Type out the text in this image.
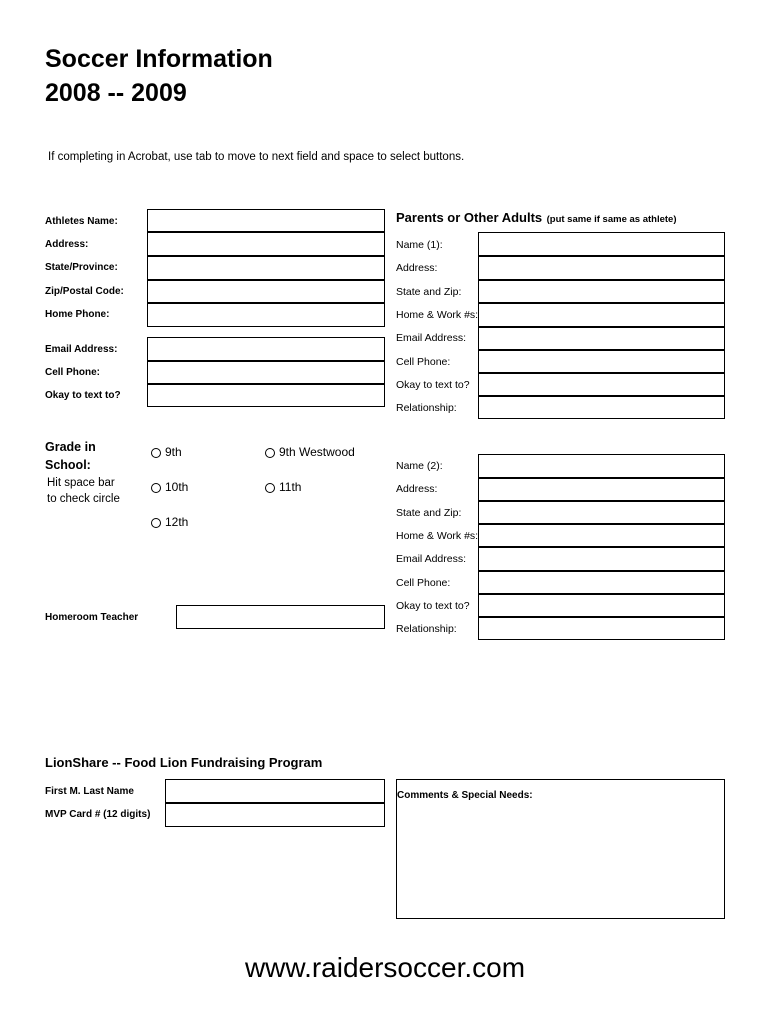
Soccer Information
2008 -- 2009
If completing in Acrobat, use tab to move to next field and space to select buttons.
Athletes Name:
Address:
State/Province:
Zip/Postal Code:
Home Phone:
Email Address:
Cell Phone:
Okay to text to?
Grade in
School:
Hit space bar
to check circle
9th	9th Westwood
10th	11th
12th
Homeroom Teacher
Parents or Other Adults (put same if same as athlete)
Name (1):
Address:
State and Zip:
Home & Work #s:
Email Address:
Cell Phone:
Okay to text to?
Relationship:
Name (2):
Address:
State and Zip:
Home & Work #s:
Email Address:
Cell Phone:
Okay to text to?
Relationship:
LionShare -- Food Lion Fundraising Program
First M. Last Name
MVP Card # (12 digits)
Comments & Special Needs:
www.raidersoccer.com
